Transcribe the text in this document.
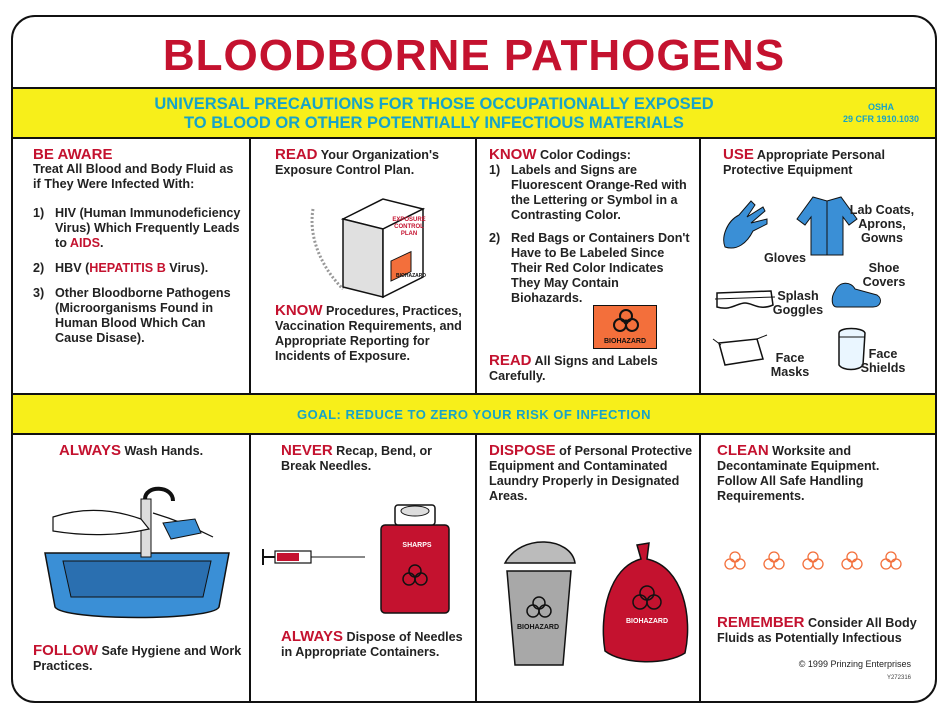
BLOODBORNE PATHOGENS
UNIVERSAL PRECAUTIONS FOR THOSE OCCUPATIONALLY EXPOSED
TO BLOOD OR OTHER POTENTIALLY INFECTIOUS MATERIALS
OSHA
29 CFR 1910.1030
BE AWARE
Treat All Blood and Body Fluid as if They Were Infected With:
1) HIV (Human Immunodeficiency Virus) Which Frequently Leads to AIDS.
2) HBV (HEPATITIS B Virus).
3) Other Bloodborne Pathogens (Microorganisms Found in Human Blood Which Can Cause Disase).
READ Your Organization's Exposure Control Plan.
EXPOSURE CONTROL PLAN
BIOHAZARD
KNOW Procedures, Practices, Vaccination Requirements, and Appropriate Reporting for Incidents of Exposure.
KNOW Color Codings:
1) Labels and Signs are Fluorescent Orange-Red with the Lettering or Symbol in a Contrasting Color.
2) Red Bags or Containers Don't Have to Be Labeled Since Their Red Color Indicates They May Contain Biohazards.
BIOHAZARD
READ All Signs and Labels Carefully.
USE Appropriate Personal Protective Equipment
Gloves
Lab Coats, Aprons, Gowns
Shoe Covers
Splash Goggles
Face Masks
Face Shields
GOAL: REDUCE TO ZERO YOUR RISK OF INFECTION
ALWAYS Wash Hands.
FOLLOW Safe Hygiene and Work Practices.
NEVER Recap, Bend, or Break Needles.
SHARPS
ALWAYS Dispose of Needles in Appropriate Containers.
DISPOSE of Personal Protective Equipment and Contaminated Laundry Properly in Designated Areas.
BIOHAZARD
BIOHAZARD
CLEAN Worksite and Decontaminate Equipment. Follow All Safe Handling Requirements.
REMEMBER Consider All Body Fluids as Potentially Infectious
© 1999 Prinzing Enterprises
Y272316
